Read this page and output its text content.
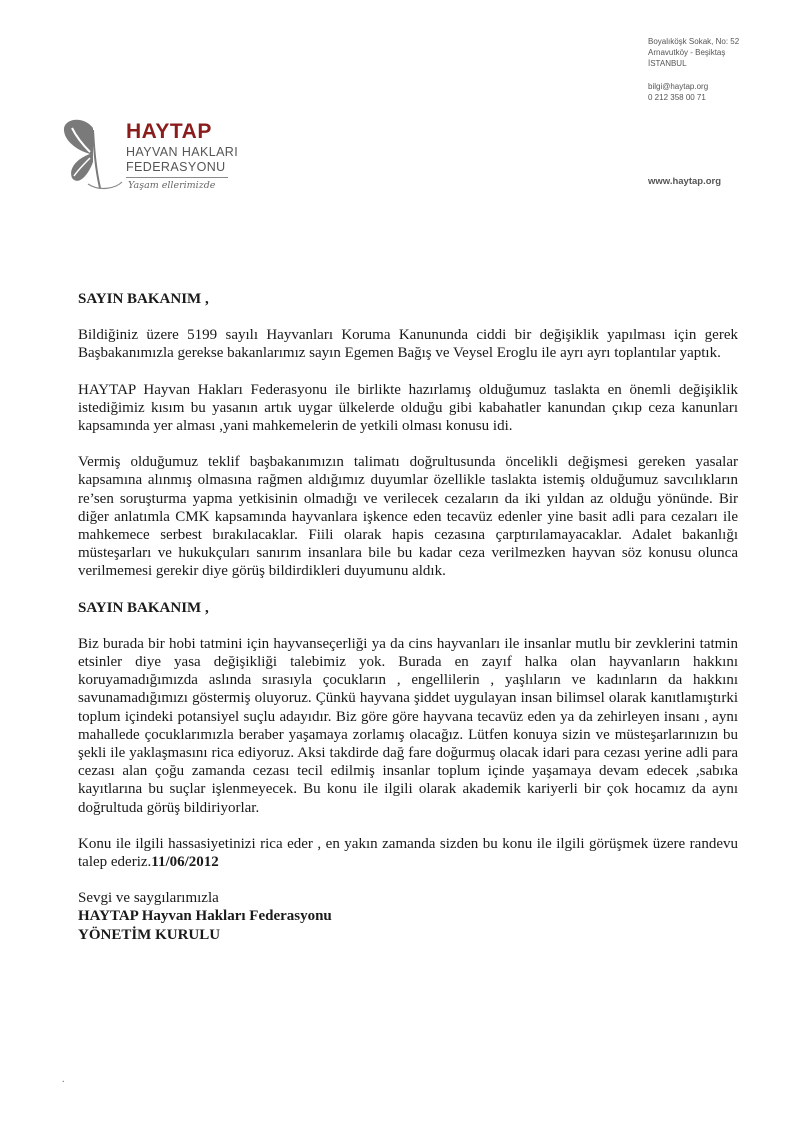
Boyalıköşk Sokak, No: 52
Arnavutköy - Beşiktaş
İSTANBUL
bilgi@haytap.org
0 212 358 00 71
www.haytap.org
HAYTAP
HAYVAN HAKLARI
FEDERASYONU
Yaşam ellerimizde

SAYIN BAKANIM ,

Bildiğiniz üzere 5199 sayılı Hayvanları Koruma Kanununda ciddi bir değişiklik yapılması için gerek Başbakanımızla gerekse bakanlarımız sayın Egemen Bağış ve Veysel Eroglu ile ayrı ayrı toplantılar yaptık.

HAYTAP Hayvan Hakları Federasyonu ile birlikte hazırlamış olduğumuz taslakta en önemli değişiklik istediğimiz kısım bu yasanın artık uygar ülkelerde olduğu gibi kabahatler kanundan çıkıp ceza kanunları kapsamında yer alması ,yani mahkemelerin de yetkili olması konusu idi.

Vermiş olduğumuz teklif başbakanımızın talimatı doğrultusunda öncelikli değişmesi gereken yasalar kapsamına alınmış olmasına rağmen aldığımız duyumlar özellikle taslakta istemiş olduğumuz savcılıkların re’sen soruşturma yapma yetkisinin olmadığı ve verilecek cezaların da iki yıldan az olduğu yönünde. Bir diğer anlatımla CMK kapsamında hayvanlara işkence eden tecavüz edenler yine basit adli para cezaları ile mahkemece serbest bırakılacaklar. Fiili olarak hapis cezasına çarptırılamayacaklar. Adalet bakanlığı müsteşarları ve hukukçuları sanırım insanlara bile bu kadar ceza verilmezken hayvan söz konusu olunca verilmemesi gerekir diye görüş bildirdikleri duyumunu aldık.

SAYIN BAKANIM ,

Biz burada bir hobi tatmini için hayvanseçerliği ya da cins hayvanları ile insanlar mutlu bir zevklerini tatmin etsinler diye yasa değişikliği talebimiz yok. Burada en zayıf halka olan hayvanların hakkını koruyamadığımızda aslında sırasıyla çocukların , engellilerin , yaşlıların ve kadınların da hakkını savunamadığımızı göstermiş oluyoruz. Çünkü hayvana şiddet uygulayan insan bilimsel olarak kanıtlamıştırki toplum içindeki potansiyel suçlu adayıdır. Biz göre göre hayvana tecavüz eden ya da zehirleyen insanı , aynı mahallede çocuklarımızla beraber yaşamaya zorlamış olacağız. Lütfen konuya sizin ve müsteşarlarınızın bu şekli ile yaklaşmasını rica ediyoruz. Aksi takdirde dağ fare doğurmuş olacak idari para cezası yerine adli para cezası alan çoğu zamanda cezası tecil edilmiş insanlar toplum içinde yaşamaya devam edecek ,sabıka kayıtlarına bu suçlar işlenmeyecek. Bu konu ile ilgili olarak akademik kariyerli bir çok hocamız da aynı doğrultuda görüş bildiriyorlar.

Konu ile ilgili hassasiyetinizi rica eder , en yakın zamanda sizden bu konu ile ilgili görüşmek üzere randevu talep ederiz.11/06/2012

Sevgi ve saygılarımızla

HAYTAP Hayvan Hakları Federasyonu

YÖNETİM KURULU

.
